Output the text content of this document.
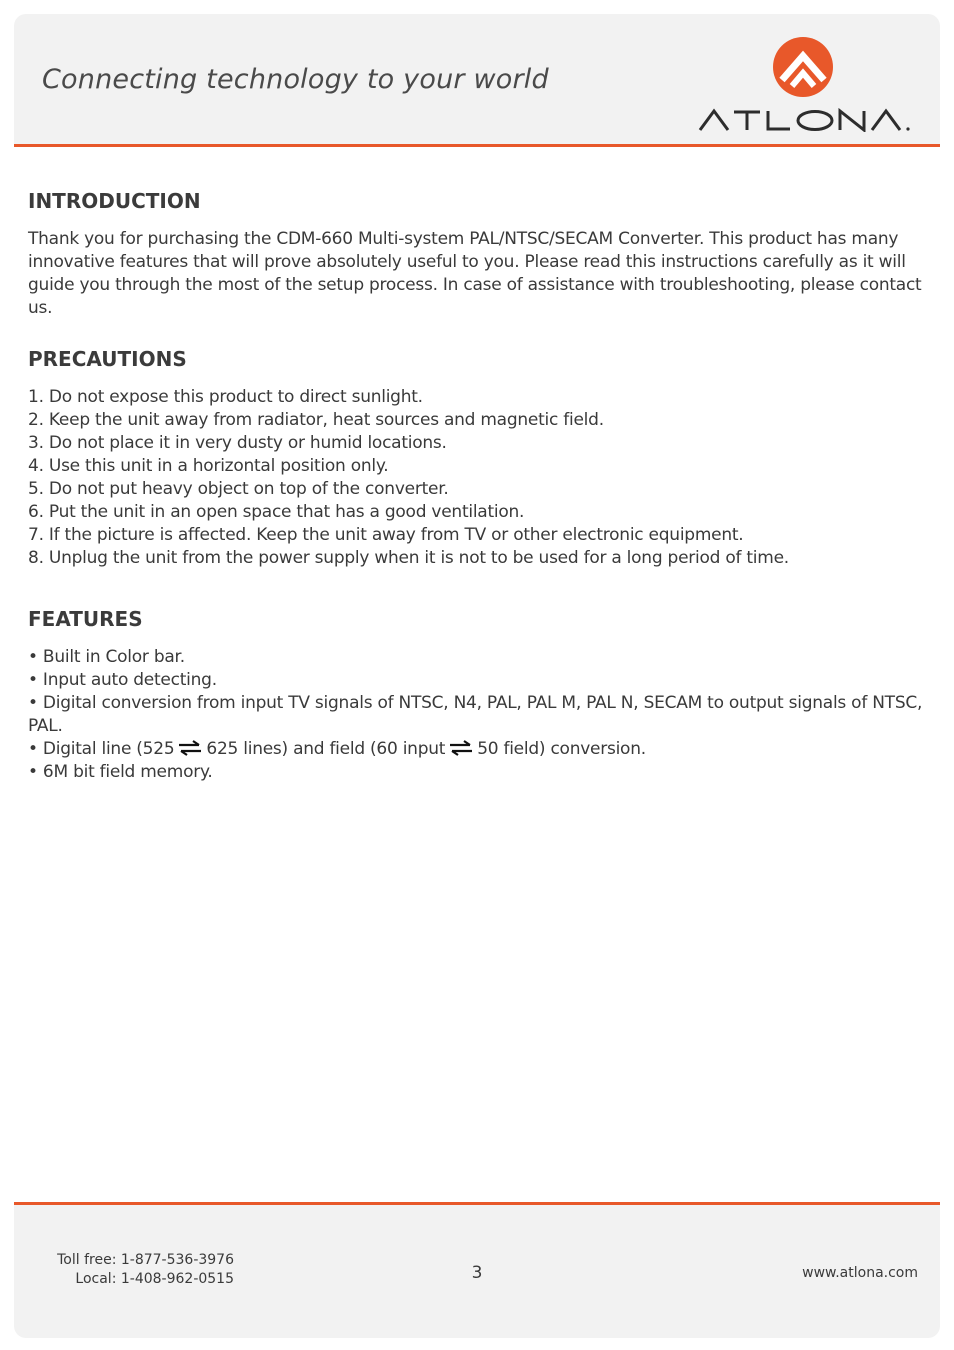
Connecting technology to your world
INTRODUCTION

Thank you for purchasing the CDM-660 Multi-system PAL/NTSC/SECAM Converter. This product has many innovative features that will prove absolutely useful to you. Please read this instructions carefully as it will guide you through the most of the setup process. In case of assistance with troubleshooting, please contact us.

PRECAUTIONS
1. Do not expose this product to direct sunlight.
2. Keep the unit away from radiator, heat sources and magnetic field.
3. Do not place it in very dusty or humid locations.
4. Use this unit in a horizontal position only.
5. Do not put heavy object on top of the converter.
6. Put the unit in an open space that has a good ventilation.
7. If the picture is affected. Keep the unit away from TV or other electronic equipment.
8. Unplug the unit from the power supply when it is not to be used for a long period of time.
FEATURES
• Built in Color bar.
• Input auto detecting.
• Digital conversion from input TV signals of NTSC, N4, PAL, PAL M, PAL N, SECAM to output signals of NTSC, PAL.
• Digital line (525 625 lines) and field (60 input 50 field) conversion.
• 6M bit field memory.
Toll free: 1-877-536-3976
Local: 1-408-962-0515	3	www.atlona.com
